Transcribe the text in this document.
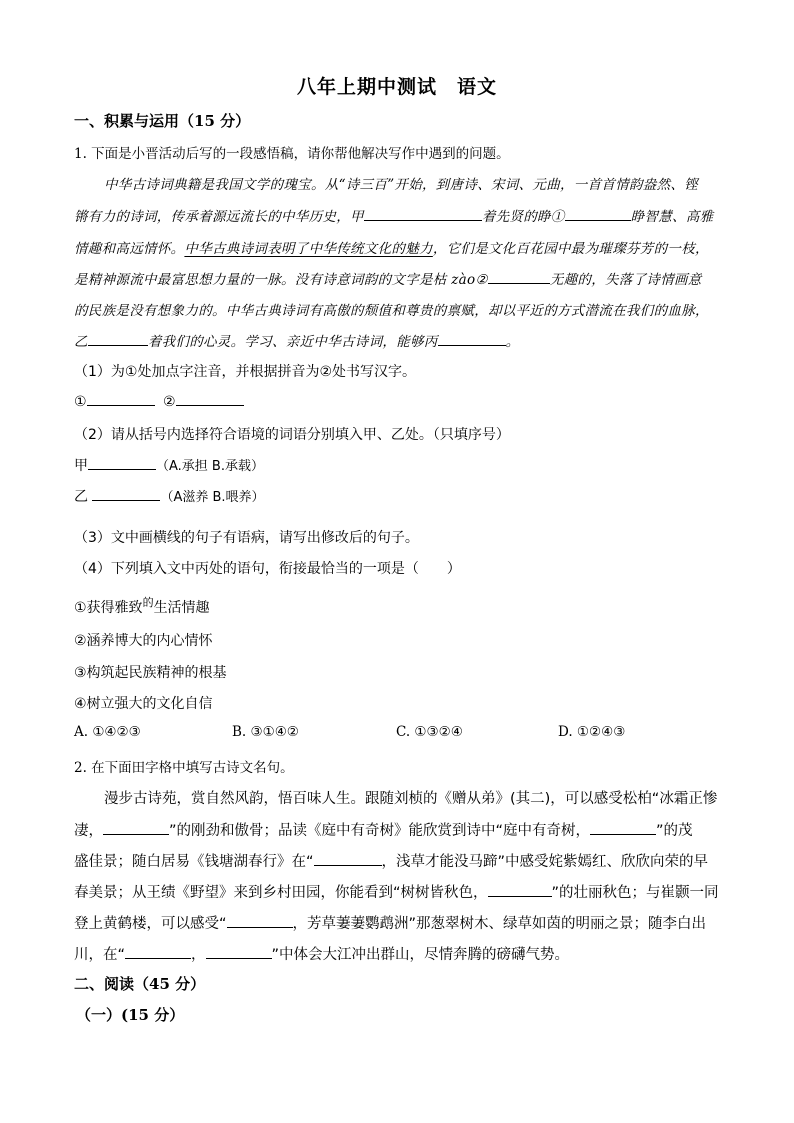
八年上期中测试　语文
一、积累与运用（15 分）
1. 下面是小晋活动后写的一段感悟稿，请你帮他解决写作中遇到的问题。
中华古诗词典籍是我国文学的瑰宝。从“诗三百”开始，到唐诗、宋词、元曲，一首首情韵盎然、铿
锵有力的诗词，传承着源远流长的中华历史，甲	着先贤的睁①	睁智慧、高雅
情趣和高远情怀。中华古典诗词表明了中华传统文化的魅力，它们是文化百花园中最为璀璨芬芳的一枝，
是精神源流中最富思想力量的一脉。没有诗意词韵的文字是枯 zào②	无趣的，失落了诗情画意
的民族是没有想象力的。中华古典诗词有高傲的颓值和尊贵的禀赋，却以平近的方式潜流在我们的血脉，
乙	着我们的心灵。学习、亲近中华古诗词，能够丙	。
（1）为①处加点字注音，并根据拼音为②处书写汉字。
①	②
（2）请从括号内选择符合语境的词语分别填入甲、乙处。（只填序号）
甲	（A.承担 B.承载）
乙	（A滋养 B.喂养）
（3）文中画横线的句子有语病，请写出修改后的句子。
（4）下列填入文中丙处的语句，衔接最恰当的一项是（　　）
①获得雅致$^的$生活情趣
②涵养博大的内心情怀
③构筑起民族精神的根基
④树立强大的文化自信
A. ①④②③	B. ③①④②	C. ①③②④	D. ①②④③
2. 在下面田字格中填写古诗文名句。
漫步古诗苑，赏自然风韵，悟百味人生。跟随刘桢的《赠从弟》(其二)，可以感受松柏“冰霜正惨
凄，	”的刚劲和傲骨；品读《庭中有奇树》能欣赏到诗中“庭中有奇树，	”的茂
盛佳景；随白居易《钱塘湖春行》在“	，浅草才能没马蹄”中感受姹紫嫣红、欣欣向荣的早
春美景；从王绩《野望》来到乡村田园，你能看到“树树皆秋色，	”的壮丽秋色；与崔颢一同
登上黄鹤楼，可以感受“	，芳草萋萋鹦鹉洲”那葱翠树木、绿草如茵的明丽之景；随李白出
川，在“	，	”中体会大江冲出群山，尽情奔腾的磅礴气势。
二、阅读（45 分）
（一）(15 分）
